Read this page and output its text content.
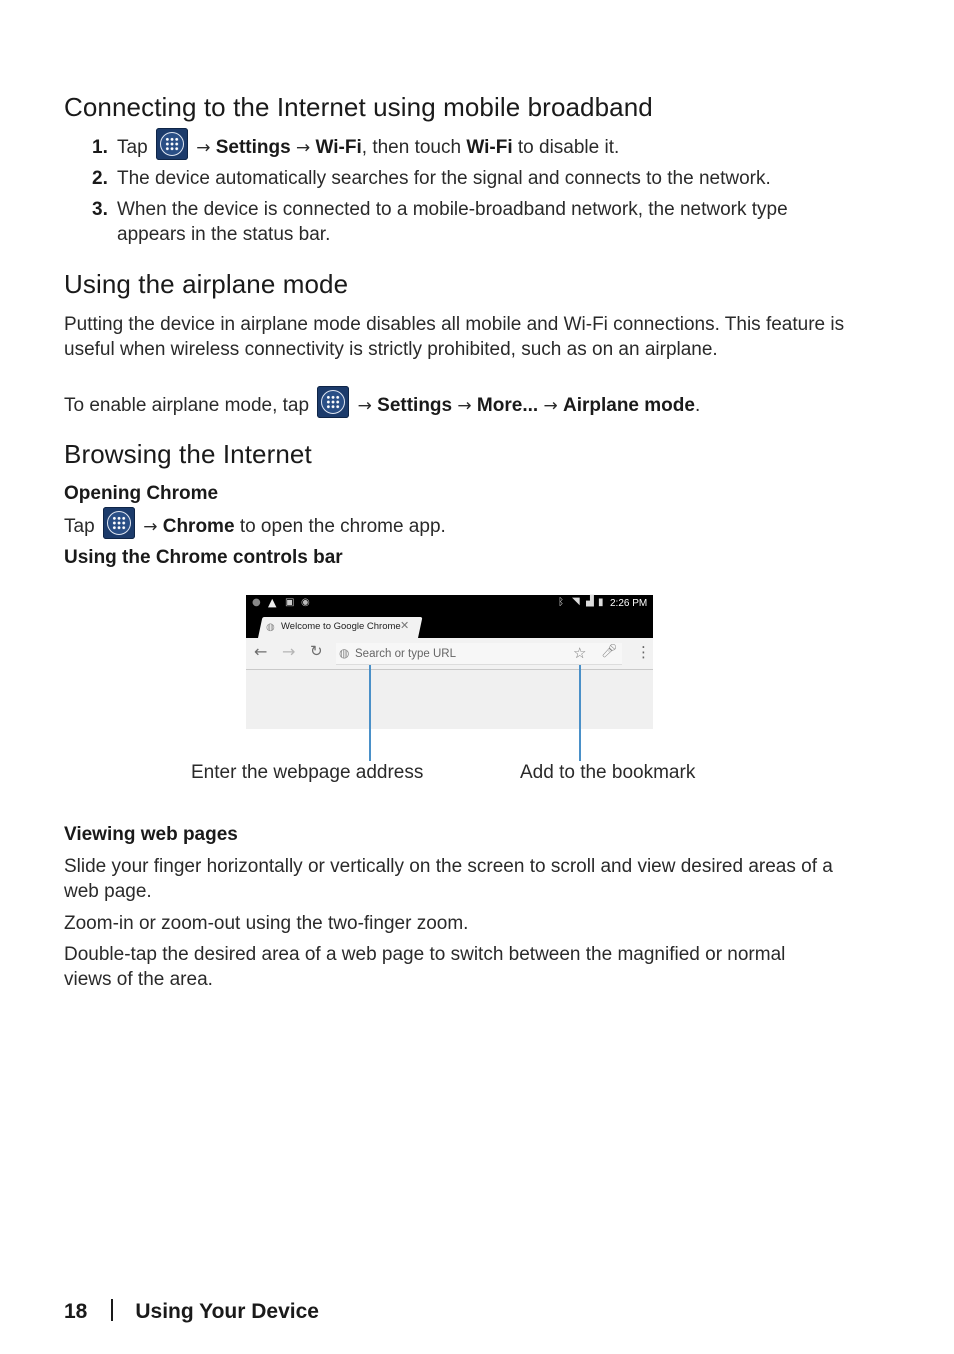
Connecting to the Internet using mobile broadband
1. Tap	→ Settings → Wi-Fi, then touch Wi-Fi to disable it.
2. The device automatically searches for the signal and connects to the network.
3. When the device is connected to a mobile-broadband network, the network type appears in the status bar.
Using the airplane mode
Putting the device in airplane mode disables all mobile and Wi-Fi connections. This feature is useful when wireless connectivity is strictly prohibited, such as on an airplane.
To enable airplane mode, tap	→ Settings → More... → Airplane mode.
Browsing the Internet
Opening Chrome
Tap	→ Chrome to open the chrome app.
Using the Chrome controls bar
● ▲ ▣ ◉	ᛒ ◥ ▟ ▮ 2:26 PM
◍ Welcome to Google Chrome ✕
← → ↻ ◍	☆ 🎤︎ ⋮
Search or type URL
Enter the webpage address	Add to the bookmark
Viewing web pages
Slide your finger horizontally or vertically on the screen to scroll and view desired areas of a web page.
Zoom-in or zoom-out using the two-finger zoom.
Double-tap the desired area of a web page to switch between the magnified or normal views of the area.
18 Using Your Device
